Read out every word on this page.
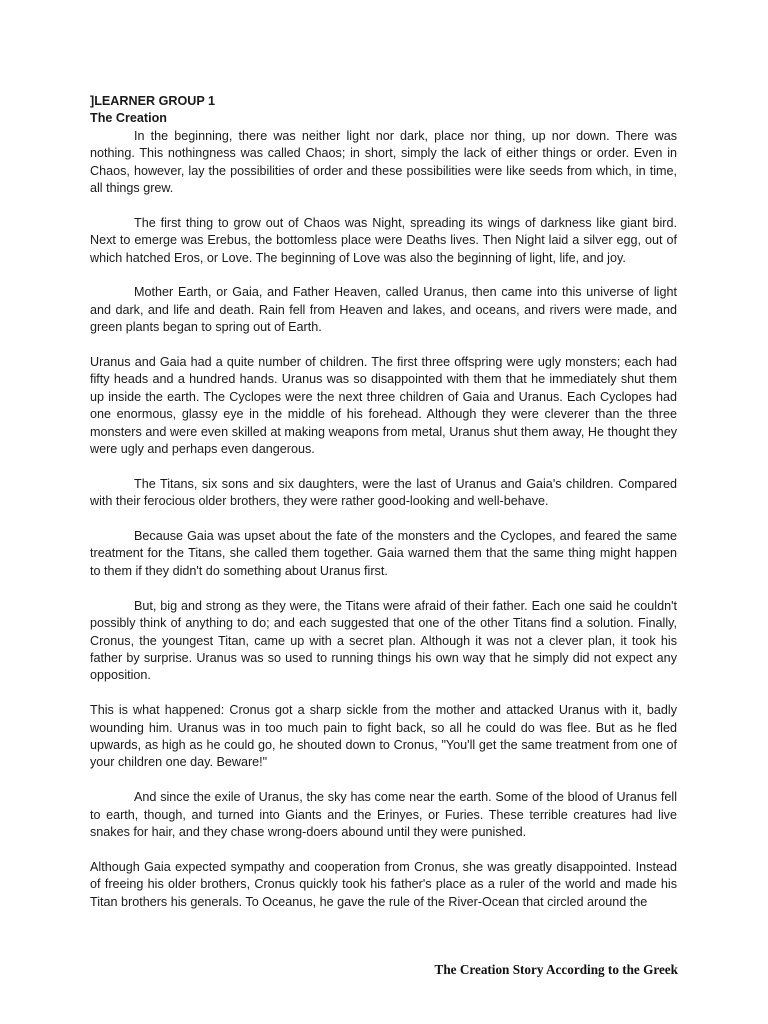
]LEARNER GROUP 1
The Creation

In the beginning, there was neither light nor dark, place nor thing, up nor down. There was nothing. This nothingness was called Chaos; in short, simply the lack of either things or order. Even in Chaos, however, lay the possibilities of order and these possibilities were like seeds from which, in time, all things grew.

The first thing to grow out of Chaos was Night, spreading its wings of darkness like giant bird. Next to emerge was Erebus, the bottomless place were Deaths lives. Then Night laid a silver egg, out of which hatched Eros, or Love. The beginning of Love was also the beginning of light, life, and joy.

Mother Earth, or Gaia, and Father Heaven, called Uranus, then came into this universe of light and dark, and life and death. Rain fell from Heaven and lakes, and oceans, and rivers were made, and green plants began to spring out of Earth.

Uranus and Gaia had a quite number of children. The first three offspring were ugly monsters; each had fifty heads and a hundred hands. Uranus was so disappointed with them that he immediately shut them up inside the earth. The Cyclopes were the next three children of Gaia and Uranus. Each Cyclopes had one enormous, glassy eye in the middle of his forehead. Although they were cleverer than the three monsters and were even skilled at making weapons from metal, Uranus shut them away, He thought they were ugly and perhaps even dangerous.

The Titans, six sons and six daughters, were the last of Uranus and Gaia's children. Compared with their ferocious older brothers, they were rather good-looking and well-behave.

Because Gaia was upset about the fate of the monsters and the Cyclopes, and feared the same treatment for the Titans, she called them together. Gaia warned them that the same thing might happen to them if they didn't do something about Uranus first.

But, big and strong as they were, the Titans were afraid of their father. Each one said he couldn't possibly think of anything to do; and each suggested that one of the other Titans find a solution. Finally, Cronus, the youngest Titan, came up with a secret plan. Although it was not a clever plan, it took his father by surprise. Uranus was so used to running things his own way that he simply did not expect any opposition.

This is what happened: Cronus got a sharp sickle from the mother and attacked Uranus with it, badly wounding him. Uranus was in too much pain to fight back, so all he could do was flee. But as he fled upwards, as high as he could go, he shouted down to Cronus, "You'll get the same treatment from one of your children one day. Beware!"

And since the exile of Uranus, the sky has come near the earth. Some of the blood of Uranus fell to earth, though, and turned into Giants and the Erinyes, or Furies. These terrible creatures had live snakes for hair, and they chase wrong-doers abound until they were punished.

Although Gaia expected sympathy and cooperation from Cronus, she was greatly disappointed. Instead of freeing his older brothers, Cronus quickly took his father's place as a ruler of the world and made his Titan brothers his generals. To Oceanus, he gave the rule of the River-Ocean that circled around the

The Creation Story According to the Greek
